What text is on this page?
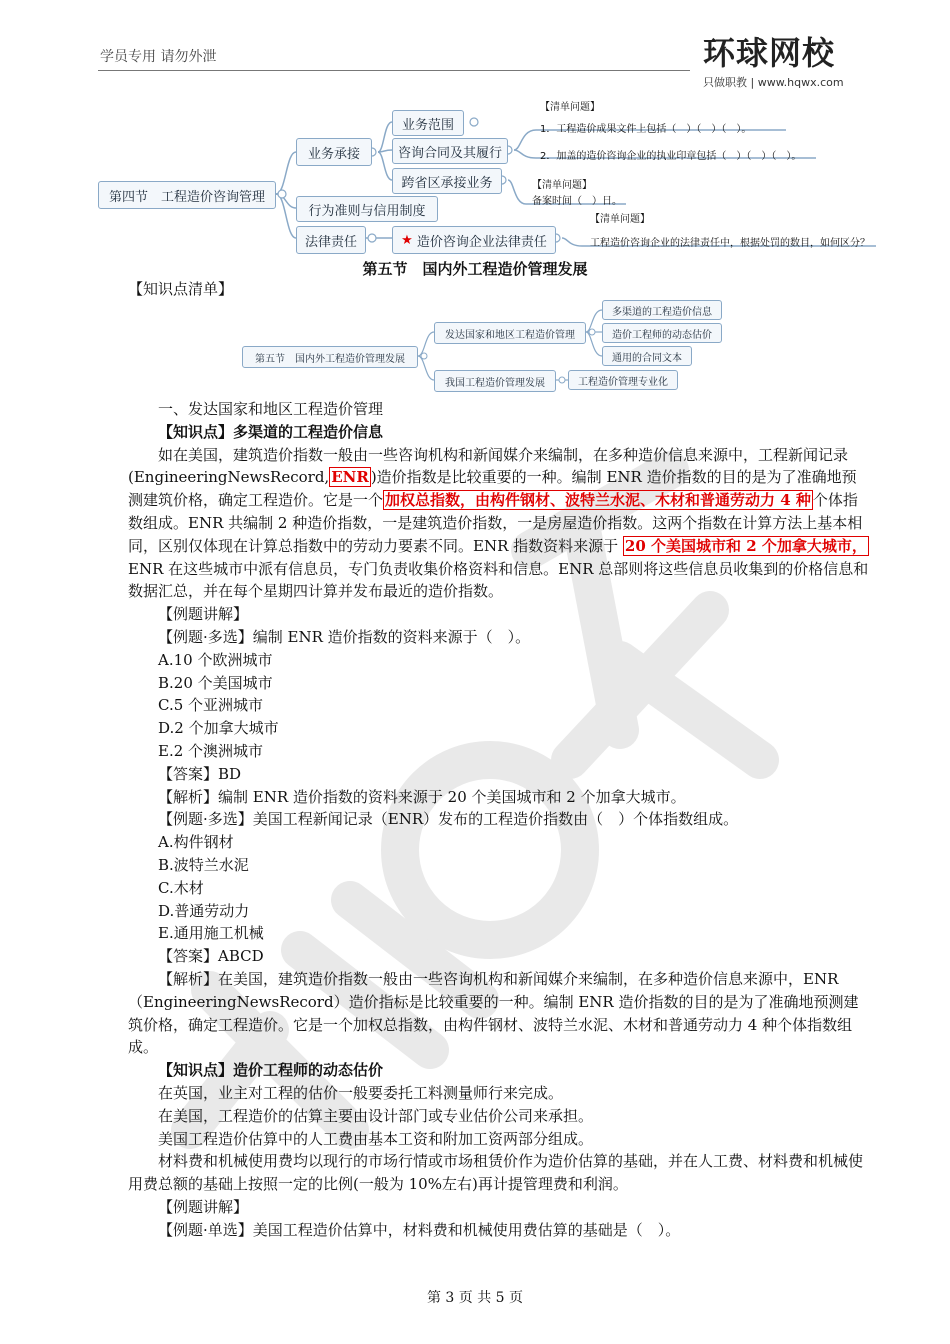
学员专用 请勿外泄	环球网校
只做职教 | www.hqwx.com
第四节　工程造价咨询管理
业务承接
行为准则与信用制度
法律责任
业务范围
咨询合同及其履行
跨省区承接业务
★ 造价咨询企业法律责任
【清单问题】
1．工程造价成果文件上包括（　）（　）（　）。
2．加盖的造价咨询企业的执业印章包括（　）（　）（　）。
【清单问题】
备案时间（　）日。
【清单问题】
工程造价咨询企业的法律责任中，根据处罚的数目，如何区分？
第五节　国内外工程造价管理发展
【知识点清单】
第五节　国内外工程造价管理发展
发达国家和地区工程造价管理
我国工程造价管理发展
多渠道的工程造价信息
造价工程师的动态估价
通用的合同文本
工程造价管理专业化

一、发达国家和地区工程造价管理

【知识点】多渠道的工程造价信息

如在美国，建筑造价指数一般由一些咨询机构和新闻媒介来编制，在多种造价信息来源中，工程新闻记录(EngineeringNewsRecord, ENR )造价指数是比较重要的一种。编制 ENR 造价指数的目的是为了准确地预测建筑价格，确定工程造价。它是一个 加权总指数，由构件钢材、波特兰水泥、木材和普通劳动力 4 种 个体指数组成。ENR 共编制 2 种造价指数，一是建筑造价指数，一是房屋造价指数。这两个指数在计算方法上基本相同，区别仅体现在计算总指数中的劳动力要素不同。ENR 指数资料来源于 20 个美国城市和 2 个加拿大城市，ENR 在这些城市中派有信息员，专门负责收集价格资料和信息。ENR 总部则将这些信息员收集到的价格信息和数据汇总，并在每个星期四计算并发布最近的造价指数。

【例题讲解】

【例题·多选】编制 ENR 造价指数的资料来源于（　）。

A.10 个欧洲城市

B.20 个美国城市

C.5 个亚洲城市

D.2 个加拿大城市

E.2 个澳洲城市

【答案】BD

【解析】编制 ENR 造价指数的资料来源于 20 个美国城市和 2 个加拿大城市。

【例题·多选】美国工程新闻记录（ENR）发布的工程造价指数由（　）个体指数组成。

A.构件钢材

B.波特兰水泥

C.木材

D.普通劳动力

E.通用施工机械

【答案】ABCD

【解析】在美国，建筑造价指数一般由一些咨询机构和新闻媒介来编制，在多种造价信息来源中，ENR（EngineeringNewsRecord）造价指标是比较重要的一种。编制 ENR 造价指数的目的是为了准确地预测建筑价格，确定工程造价。它是一个加权总指数，由构件钢材、波特兰水泥、木材和普通劳动力 4 种个体指数组成。

【知识点】造价工程师的动态估价

在英国，业主对工程的估价一般要委托工料测量师行来完成。

在美国，工程造价的估算主要由设计部门或专业估价公司来承担。

美国工程造价估算中的人工费由基本工资和附加工资两部分组成。

材料费和机械使用费均以现行的市场行情或市场租赁价作为造价估算的基础，并在人工费、材料费和机械使用费总额的基础上按照一定的比例(一般为 10%左右)再计提管理费和利润。

【例题讲解】

【例题·单选】美国工程造价估算中，材料费和机械使用费估算的基础是（　）。

第 3 页 共 5 页
